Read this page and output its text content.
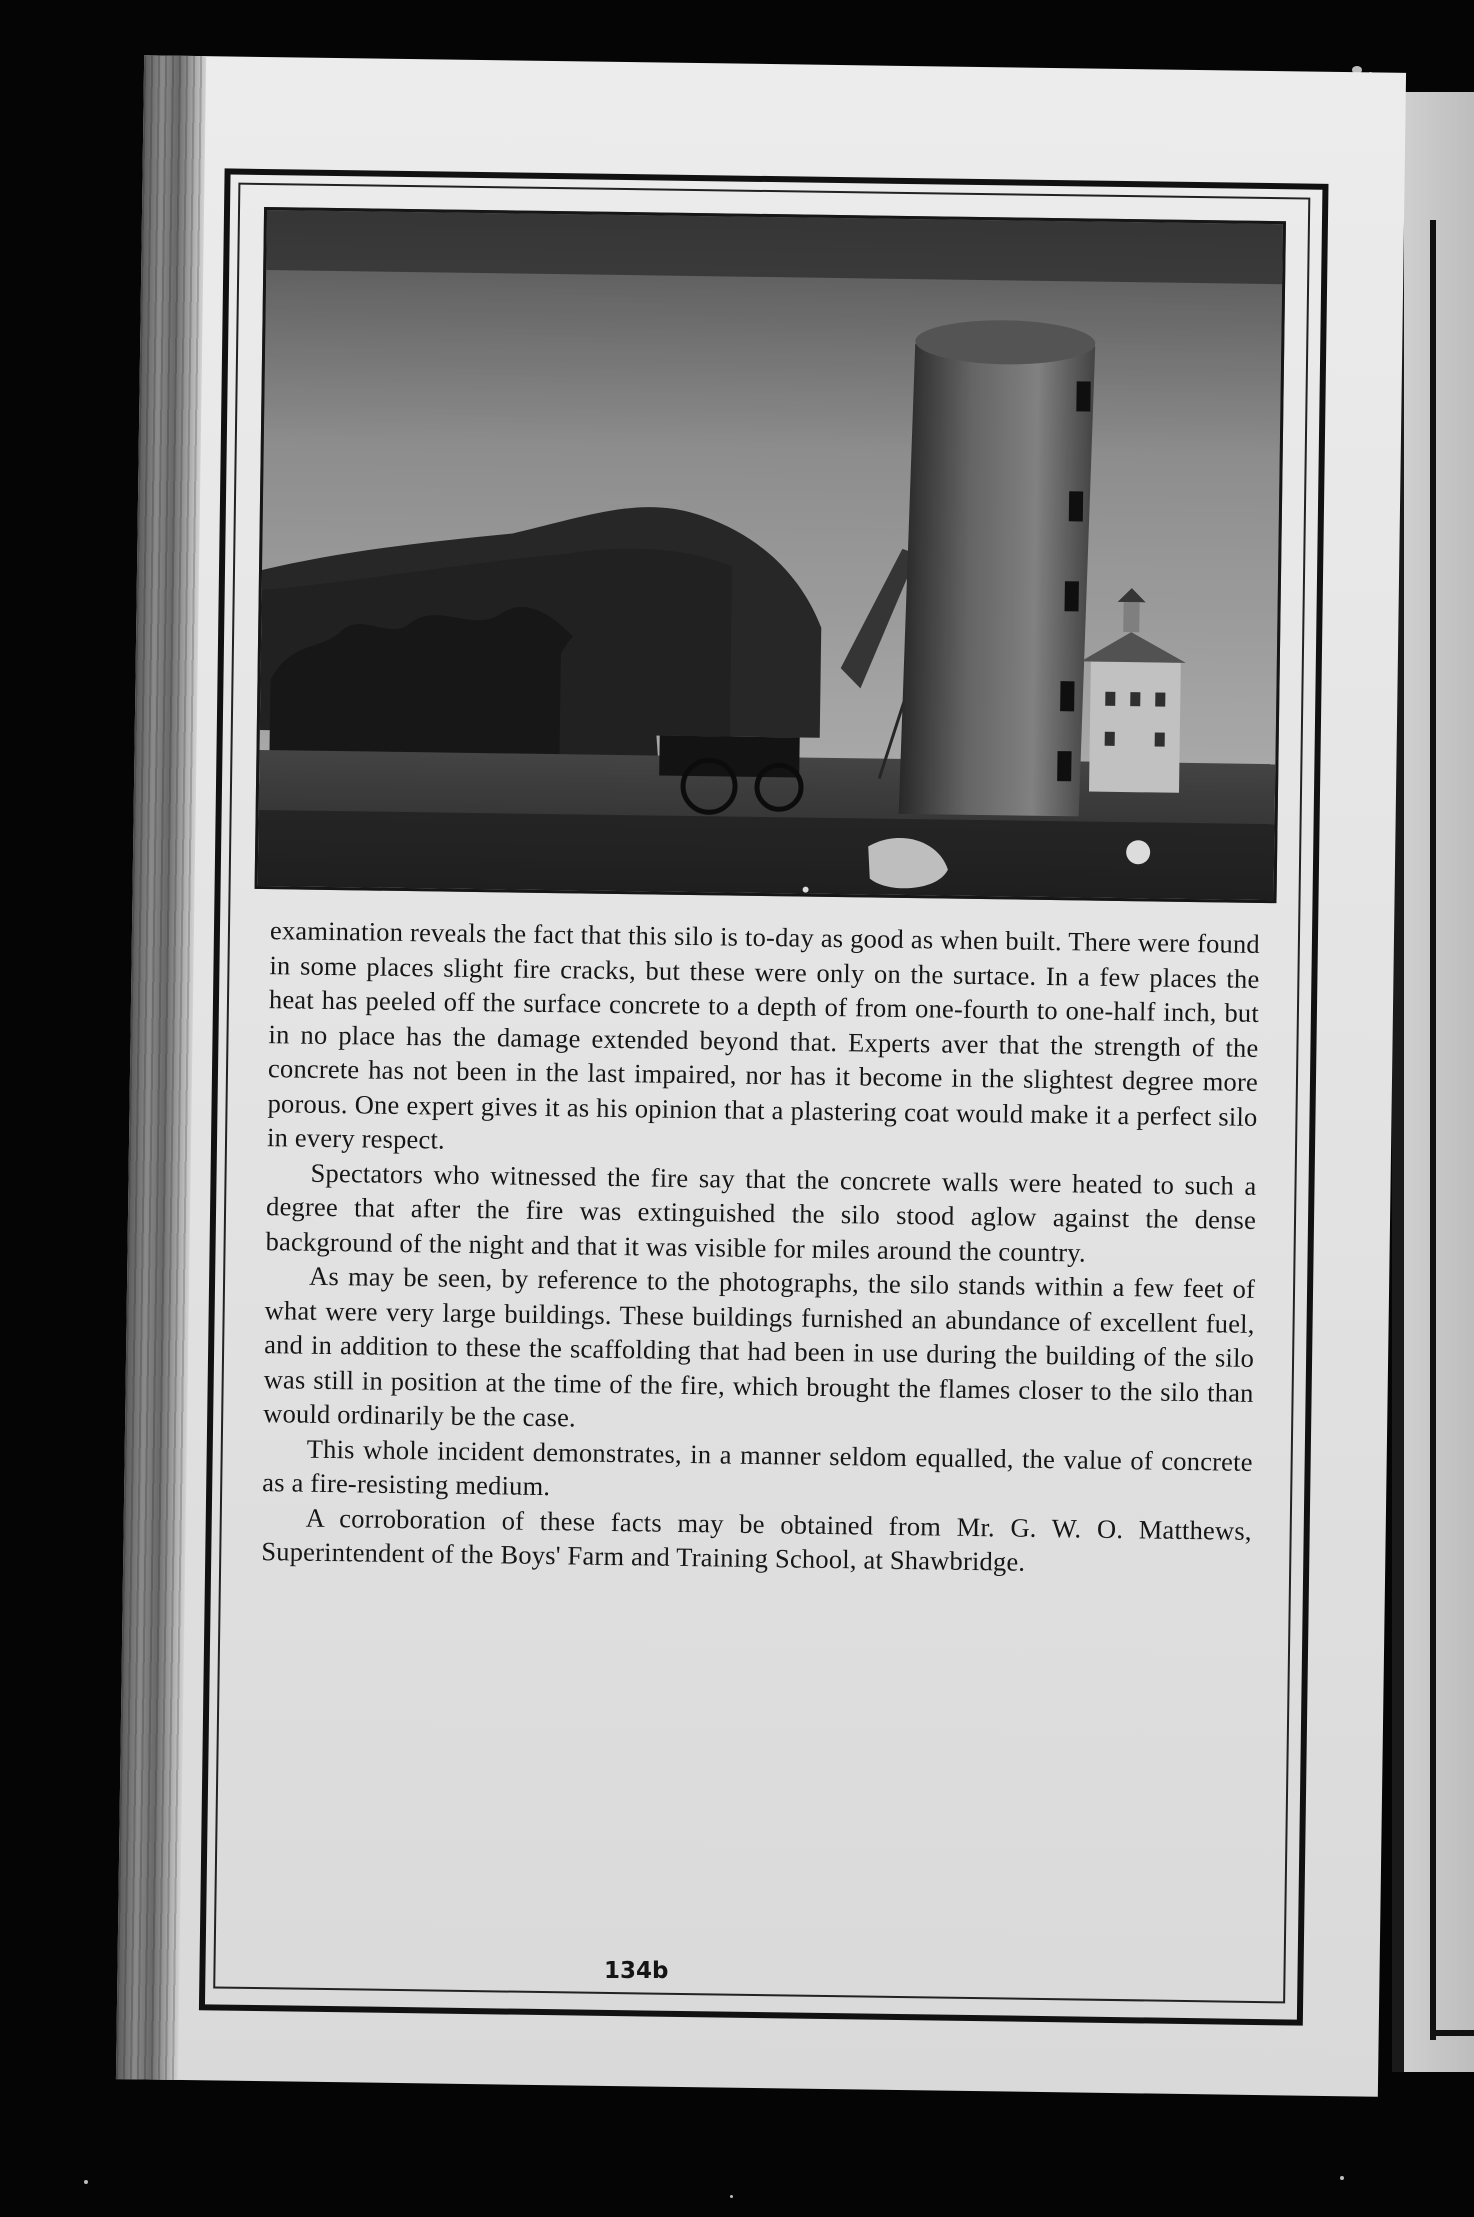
examination reveals the fact that this silo is to-day as good as when built. There were found in some places slight fire cracks, but these were only on the surtace. In a few places the heat has peeled off the surface concrete to a depth of from one-fourth to one-half inch, but in no place has the damage extended beyond that. Experts aver that the strength of the concrete has not been in the last impaired, nor has it become in the slightest degree more porous. One expert gives it as his opinion that a plastering coat would make it a perfect silo in every respect.

Spectators who witnessed the fire say that the concrete walls were heated to such a degree that after the fire was extinguished the silo stood aglow against the dense background of the night and that it was visible for miles around the country.

As may be seen, by reference to the photographs, the silo stands within a few feet of what were very large buildings. These buildings furnished an abundance of excellent fuel, and in addition to these the scaffolding that had been in use during the building of the silo was still in position at the time of the fire, which brought the flames closer to the silo than would ordinarily be the case.

This whole incident demonstrates, in a manner seldom equalled, the value of concrete as a fire-resisting medium.

A corroboration of these facts may be obtained from Mr. G. W. O. Matthews, Superintendent of the Boys' Farm and Training School, at Shawbridge.

134b
